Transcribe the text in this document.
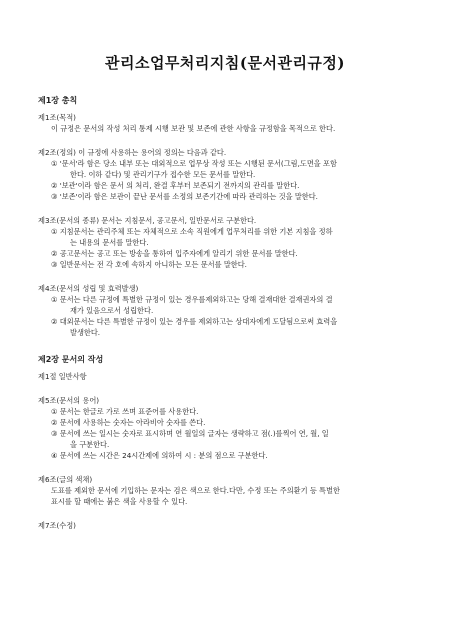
관리소업무처리지침(문서관리규정)
제1장 총칙
제1조(목적)
이 규정은 문서의 작성 처리 통제 시행 보관 및 보존에 관한 사항을 규정함을 목적으로 한다.
제2조(정의) 이 규정에 사용하는 용어의 정의는 다음과 같다.
① '문서'라 함은 당소 내부 또는 대외적으로 업무상 작성 또는 시행된 문서(그림,도면을 포함
한다. 이하 같다) 및 관리기구가 접수한 모든 문서를 말한다.
② '보관'이라 함은 문서 의 처리, 완결 후부터 보존되기 전까지의 관리를 말한다.
③ '보존'이라 함은 보관이 끝난 문서를 소정의 보존기간에 따라 관리하는 것을 말한다.
제3조(문서의 종류) 문서는 지침문서, 공고문서, 일반문서로 구분한다.
① 지침문서는 관리주체 또는 자체적으로 소속 직원에게 업무처리를 위한 기본 지침을 정하
는 내용의 문서를 말한다.
② 공고문서는 공고 또는 방송을 통하여 입주자에게 알리기 위한 문서를 말한다.
③ 일반문서는 전 각 호에 속하지 아니하는 모든 문서를 말한다.
제4조(문서의 성립 및 효력발생)
① 문서는 다른 규정에 특별한 규정이 있는 경우를제외하고는 당해 결재대한 결재권자의 결
재가 있음으로서 성립한다.
② 대외문서는 다른 특별한 규정이 있는 경우를 제외하고는 상대자에게 도달됨으로써 효력을
발생한다.
제2장 문서의 작성
제1절 일반사항
제5조(문서의 용어)
① 문서는 한글로 가로 쓰며 표준어를 사용한다.
② 문서에 사용하는 숫자는 아라비아 숫자를 쓴다.
③ 문서에 쓰는 일시는 숫자로 표시하며 연 월일의 글자는 생략하고 점(.)를찍어 연, 월, 일
을 구분한다.
④ 문서에 쓰는 시간은 24시간제에 의하여 시 : 분의 점으로 구분한다.
제6조(글의 색채)
도표를 제외한 문서에 기입하는 문자는 검은 색으로 한다.다만, 수정 또는 주의환기 등 특별한
표시를 할 때에는 붉은 색을 사용할 수 있다.
제7조(수정)
